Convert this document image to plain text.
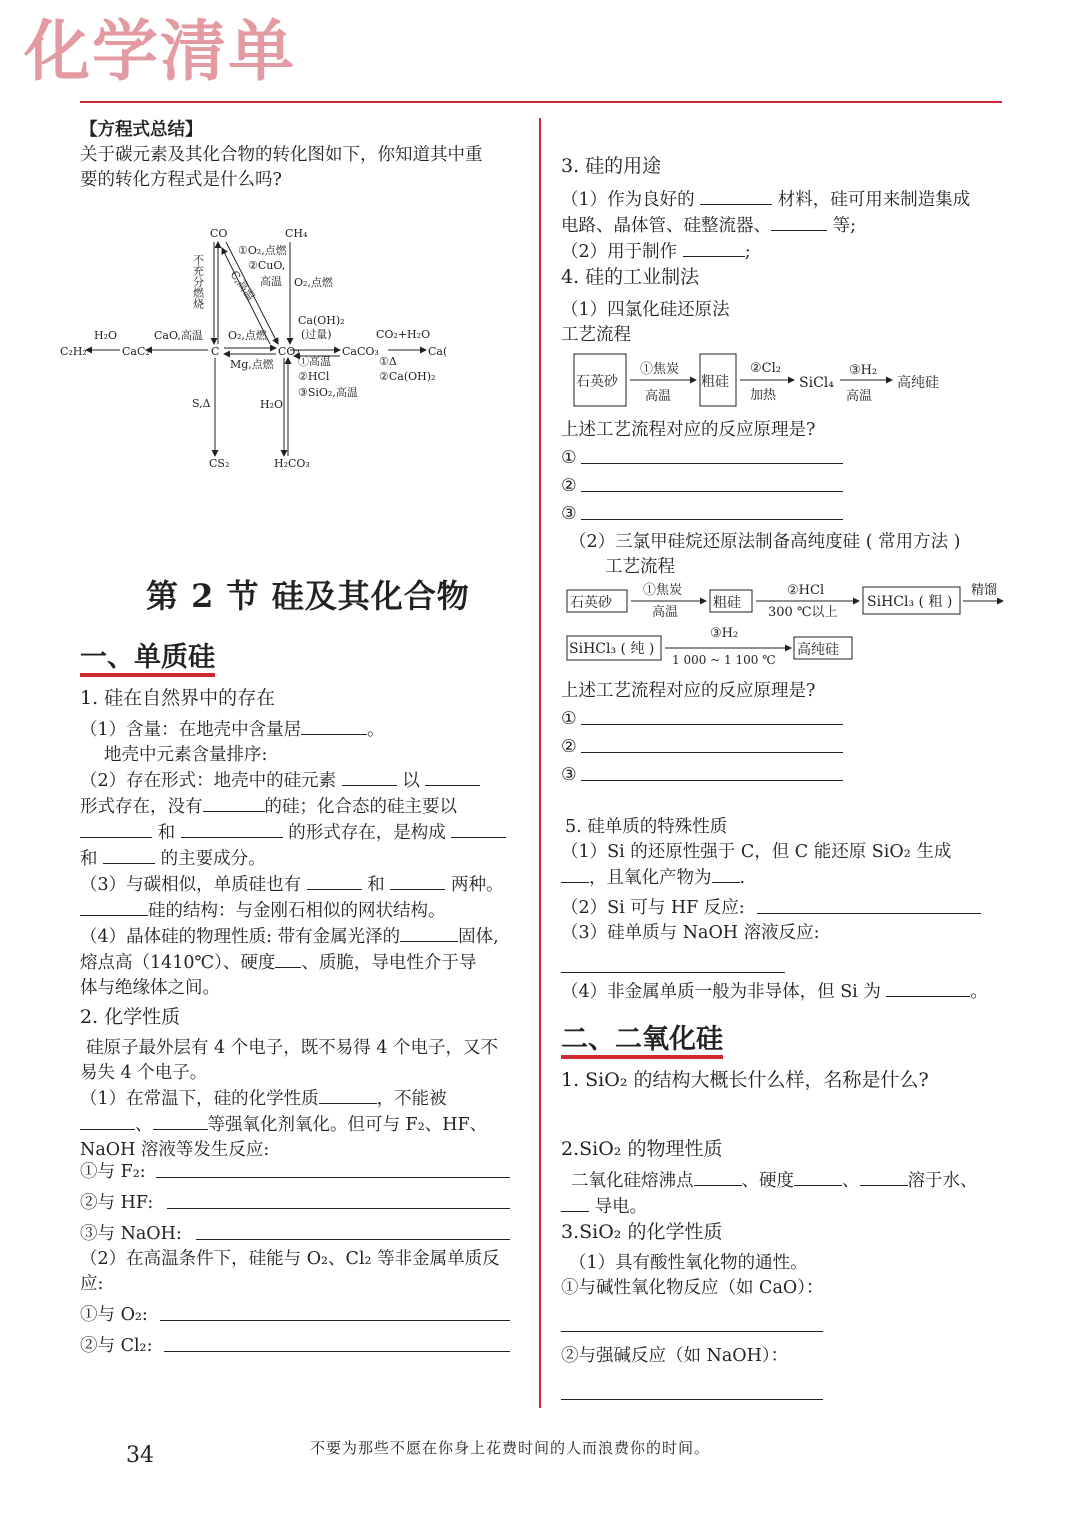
化学清单

【方程式总结】

关于碳元素及其化合物的转化图如下，你知道其中重

要的转化方程式是什么吗?

CO	CH₄
C	CO₂	CaCO₃	Ca(
CaC₂
C₂H₂
CS₂	H₂CO₃
不充分燃烧
①O₂,点燃
②CuO,
高温
C,高温	O₂,点燃
Ca(OH)₂
(过量)	CO₂+H₂O
H₂O	CaO,高温 O₂,点燃
Mg,点燃 ①高温
②HCl
③SiO₂,高温
①Δ
②Ca(OH)₂
S,Δ	H₂O
第 2 节 硅及其化合物
一、单质硅

1. 硅在自然界中的存在

（1）含量：在地壳中含量居	。

地壳中元素含量排序:

（2）存在形式：地壳中的硅元素	以

形式存在，没有	的硅；化合态的硅主要以

和	的形式存在，是构成

和	的主要成分。

（3）与碳相似，单质硅也有	和	两种。

硅的结构：与金刚石相似的网状结构。

（4）晶体硅的物理性质: 带有金属光泽的	固体,

熔点高（1410℃）、硬度 、质脆，导电性介于导

体与绝缘体之间。

2. 化学性质

硅原子最外层有 4 个电子，既不易得 4 个电子，又不

易失 4 个电子。

（1）在常温下，硅的化学性质	，不能被

、	等强氧化剂氧化。但可与 F₂、HF、

NaOH 溶液等发生反应:

①与 F₂:

②与 HF:

③与 NaOH:

（2）在高温条件下，硅能与 O₂、Cl₂ 等非金属单质反应:

①与 O₂:

②与 Cl₂:

3. 硅的用途

（1）作为良好的	材料，硅可用来制造集成

电路、晶体管、硅整流器、	等;

（2）用于制作	;

4. 硅的工业制法

（1）四氯化硅还原法

工艺流程

石英砂	粗硅	SiCl₄	高纯硅
①焦炭
高温
②Cl₂
加热
③H₂
高温

上述工艺流程对应的反应原理是?

①

②

③

（2）三氯甲硅烷还原法制备高纯度硅 ( 常用方法 )

工艺流程

石英砂	粗硅	SiHCl₃ ( 粗 )
精馏
SiHCl₃ ( 纯 )	高纯硅
①焦炭
高温
②HCl
300 ℃以上
③H₂
1 000 ~ 1 100 ℃

上述工艺流程对应的反应原理是?

①

②

③

5. 硅单质的特殊性质

（1）Si 的还原性强于 C，但 C 能还原 SiO₂ 生成

，且氧化产物为 .

（2）Si 可与 HF 反应:

（3）硅单质与 NaOH 溶液反应:

（4）非金属单质一般为非导体，但 Si 为	。

二、二氧化硅

1. SiO₂ 的结构大概长什么样，名称是什么?

2.SiO₂ 的物理性质

二氧化硅熔沸点	、硬度	、	溶于水、

导电。

3.SiO₂ 的化学性质

（1）具有酸性氧化物的通性。

①与碱性氧化物反应（如 CaO）：

②与强碱反应（如 NaOH）：

34	不要为那些不愿在你身上花费时间的人而浪费你的时间。
